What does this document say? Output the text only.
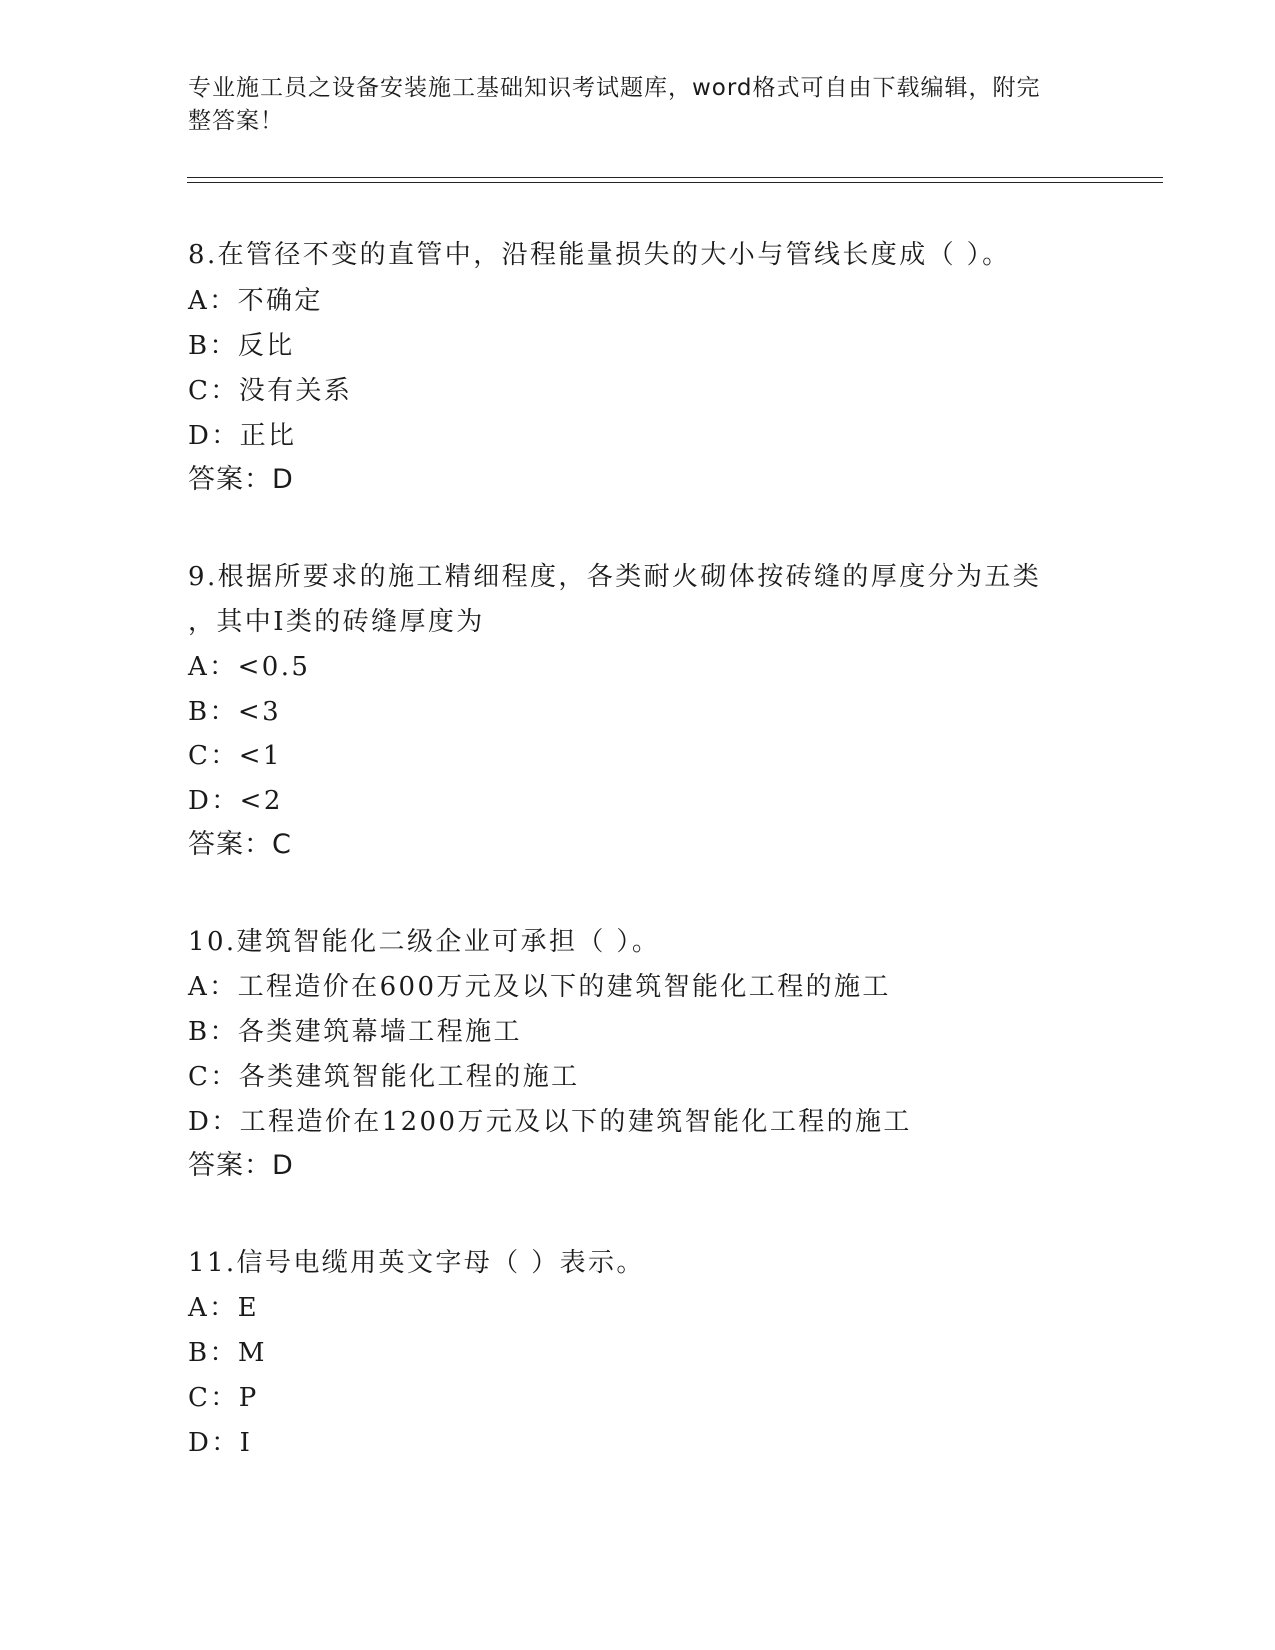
专业施工员之设备安装施工基础知识考试题库，word格式可自由下载编辑，附完
整答案！
8.在管径不变的直管中，沿程能量损失的大小与管线长度成（ ）。
A：不确定
B：反比
C：没有关系
D：正比
答案：D
9.根据所要求的施工精细程度，各类耐火砌体按砖缝的厚度分为五类
，其中Ⅰ类的砖缝厚度为
A：<0.5
B：<3
C：<1
D：<2
答案：C
10.建筑智能化二级企业可承担（ ）。
A：工程造价在600万元及以下的建筑智能化工程的施工
B：各类建筑幕墙工程施工
C：各类建筑智能化工程的施工
D：工程造价在1200万元及以下的建筑智能化工程的施工
答案：D
11.信号电缆用英文字母（ ）表示。
A：E
B：M
C：P
D：I
